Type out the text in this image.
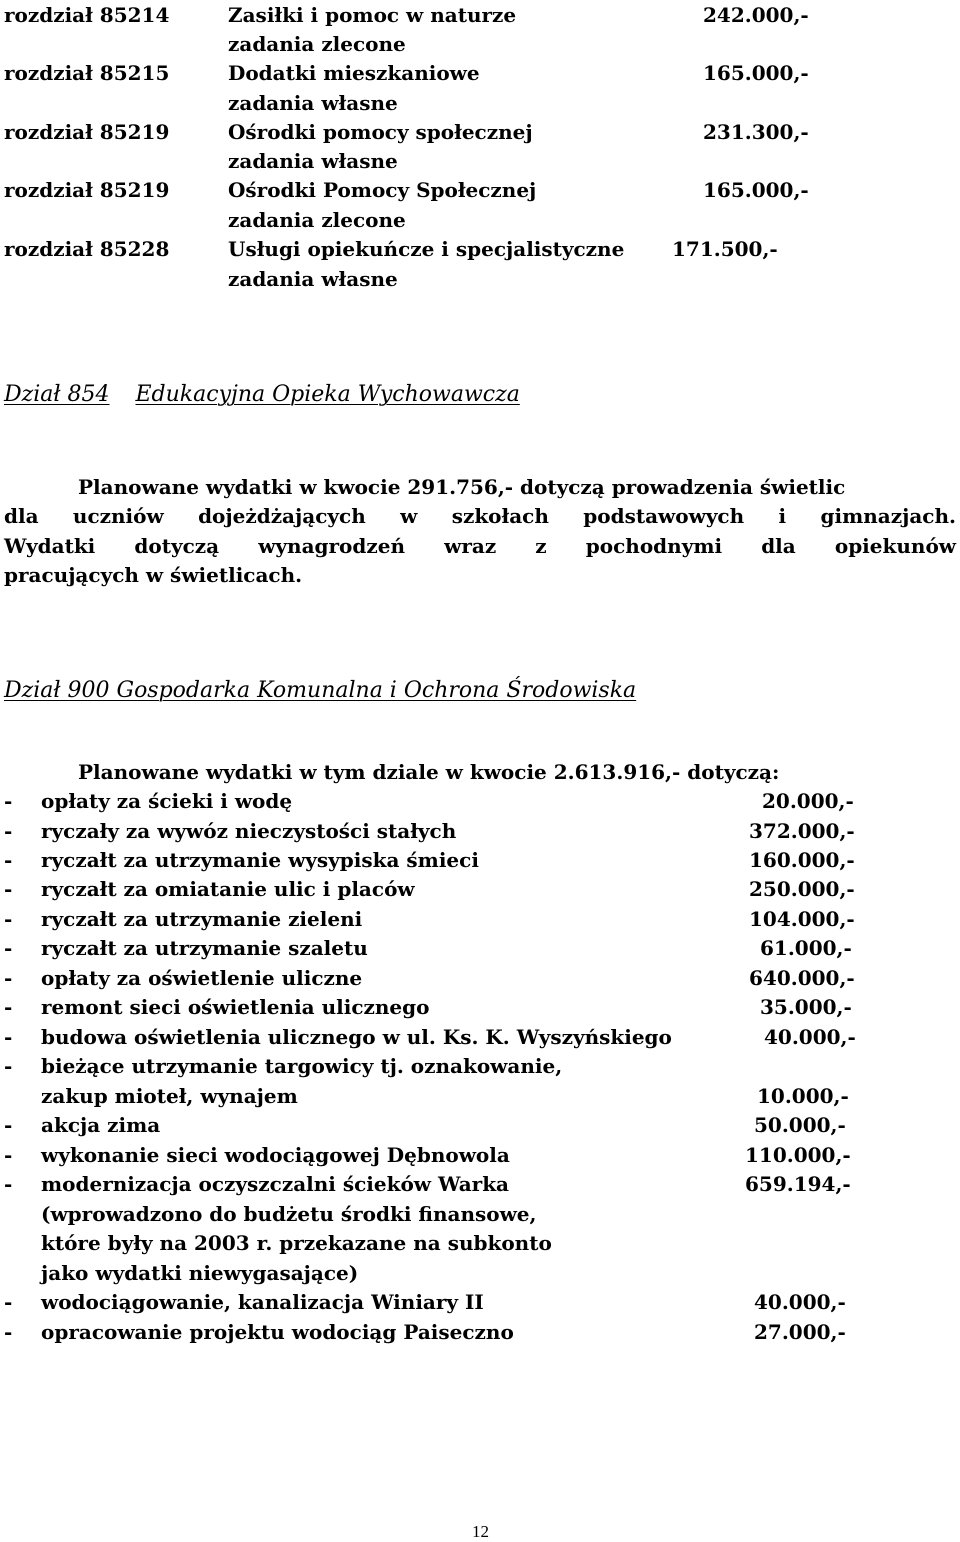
rozdział 85214	Zasiłki i pomoc w naturze	242.000,-
zadania zlecone
rozdział 85215	Dodatki mieszkaniowe	165.000,-
zadania własne
rozdział 85219	Ośrodki pomocy społecznej	231.300,-
zadania własne
rozdział 85219	Ośrodki Pomocy Społecznej	165.000,-
zadania zlecone
rozdział 85228	Usługi opiekuńcze i specjalistyczne 171.500,-
zadania własne
Dział 854 Edukacyjna Opieka Wychowawcza
Planowane wydatki w kwocie 291.756,- dotyczą prowadzenia świetlic
dla uczniów dojeżdżających w szkołach podstawowych i gimnazjach.
Wydatki dotyczą wynagrodzeń wraz z pochodnymi dla opiekunów
pracujących w świetlicach.
Dział 900 Gospodarka Komunalna i Ochrona Środowiska
Planowane wydatki w tym dziale w kwocie 2.613.916,- dotyczą:
- opłaty za ścieki i wodę	20.000,-
- ryczały za wywóz nieczystości stałych	372.000,-
- ryczałt za utrzymanie wysypiska śmieci	160.000,-
- ryczałt za omiatanie ulic i placów	250.000,-
- ryczałt za utrzymanie zieleni	104.000,-
- ryczałt za utrzymanie szaletu	61.000,-
- opłaty za oświetlenie uliczne	640.000,-
- remont sieci oświetlenia ulicznego	35.000,-
- budowa oświetlenia ulicznego w ul. Ks. K. Wyszyńskiego	40.000,-
- bieżące utrzymanie targowicy tj. oznakowanie,
zakup mioteł, wynajem	10.000,-
- akcja zima	50.000,-
- wykonanie sieci wodociągowej Dębnowola	110.000,-
- modernizacja oczyszczalni ścieków Warka	659.194,-
(wprowadzono do budżetu środki finansowe,
które były na 2003 r. przekazane na subkonto
jako wydatki niewygasające)
- wodociągowanie, kanalizacja Winiary II	40.000,-
- opracowanie projektu wodociąg Paiseczno	27.000,-
12
